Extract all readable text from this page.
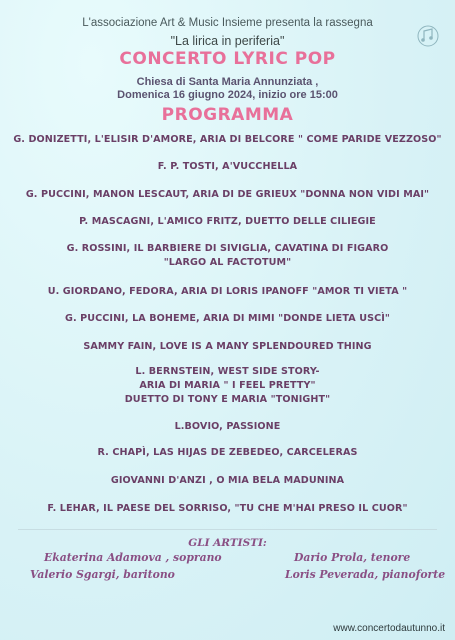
L'associazione Art & Music Insieme presenta la rassegna
"La lirica in periferia"
CONCERTO LYRIC POP
Chiesa di Santa Maria Annunziata ,
Domenica 16 giugno 2024, inizio ore 15:00
PROGRAMMA
G. DONIZETTI, L'ELISIR D'AMORE, ARIA DI BELCORE " COME PARIDE VEZZOSO"
F. P. TOSTI, A'VUCCHELLA
G. PUCCINI, MANON LESCAUT, ARIA DI DE GRIEUX "DONNA NON VIDI MAI"
P. MASCAGNI, L'AMICO FRITZ, DUETTO DELLE CILIEGIE
G. ROSSINI, IL BARBIERE DI SIVIGLIA, CAVATINA DI FIGARO
"LARGO AL FACTOTUM"
U. GIORDANO, FEDORA, ARIA DI LORIS IPANOFF "AMOR TI VIETA "
G. PUCCINI, LA BOHEME, ARIA DI MIMI "DONDE LIETA USCÌ"
SAMMY FAIN, LOVE IS A MANY SPLENDOURED THING
L. BERNSTEIN, WEST SIDE STORY-
ARIA DI MARIA " I FEEL PRETTY"
DUETTO DI TONY E MARIA "TONIGHT"
L.BOVIO, PASSIONE
R. CHAPÌ, LAS HIJAS DE ZEBEDEO, CARCELERAS
GIOVANNI D'ANZI , O MIA BELA MADUNINA
F. LEHAR, IL PAESE DEL SORRISO, "TU CHE M'HAI PRESO IL CUOR"
GLI ARTISTI:
Ekaterina Adamova , soprano	Dario Prola, tenore
Valerio Sgargi, baritono	Loris Peverada, pianoforte
www.concertodautunno.it
